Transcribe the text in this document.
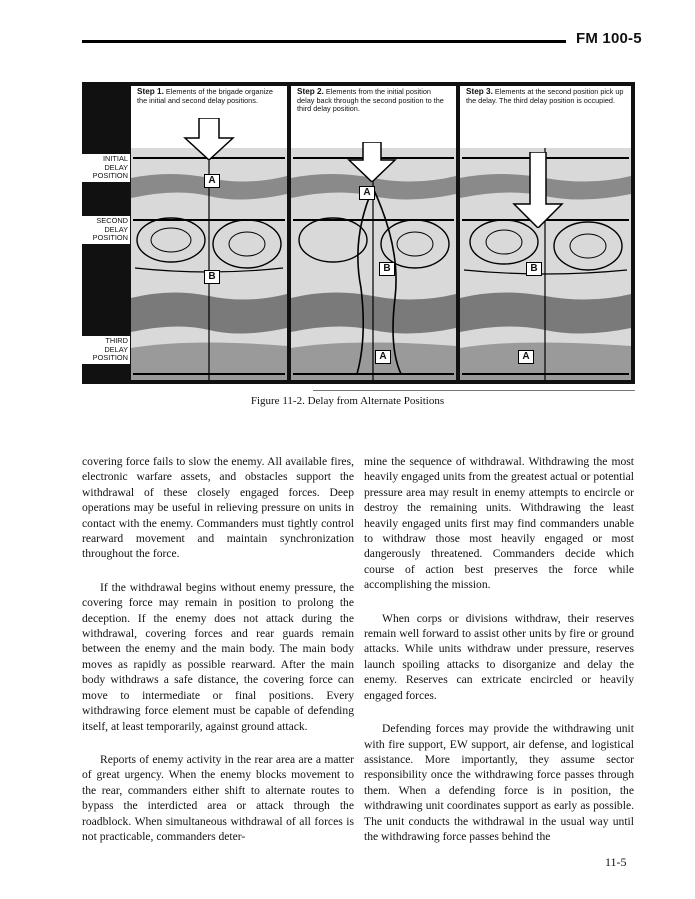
FM 100-5
INITIAL DELAY POSITION
SECOND DELAY POSITION
THIRD DELAY POSITION
Step 1. Elements of the brigade organize the initial and second delay positions.
A
B
Step 2. Elements from the initial position delay back through the second position to the third delay position.
A
B
A
Step 3. Elements at the second position pick up the delay. The third delay position is occupied.
B
A
Figure 11-2. Delay from Alternate Positions

covering force fails to slow the enemy. All available fires, electronic warfare assets, and obstacles support the withdrawal of these closely engaged forces. Deep operations may be useful in relieving pressure on units in contact with the enemy. Commanders must tightly control rearward movement and maintain synchronization throughout the force.

If the withdrawal begins without enemy pressure, the covering force may remain in position to prolong the deception. If the enemy does not attack during the withdrawal, covering forces and rear guards remain between the enemy and the main body. The main body moves as rapidly as possible rearward. After the main body withdraws a safe distance, the covering force can move to intermediate or final positions. Every withdrawing force element must be capable of defending itself, at least temporarily, against ground attack.

Reports of enemy activity in the rear area are a matter of great urgency. When the enemy blocks movement to the rear, commanders either shift to alternate routes to bypass the interdicted area or attack through the roadblock. When simultaneous withdrawal of all forces is not practicable, commanders deter-

mine the sequence of withdrawal. Withdrawing the most heavily engaged units from the greatest actual or potential pressure area may result in enemy attempts to encircle or destroy the remaining units. Withdrawing the least heavily engaged units first may find commanders unable to withdraw those most heavily engaged or most dangerously threatened. Commanders decide which course of action best preserves the force while accomplishing the mission.

When corps or divisions withdraw, their reserves remain well forward to assist other units by fire or ground attacks. While units withdraw under pressure, reserves launch spoiling attacks to disorganize and delay the enemy. Reserves can extricate encircled or heavily engaged forces.

Defending forces may provide the withdrawing unit with fire support, EW support, air defense, and logistical assistance. More importantly, they assume sector responsibility once the withdrawing force passes through them. When a defending force is in position, the withdrawing unit coordinates support as early as possible. The unit conducts the withdrawal in the usual way until the withdrawing force passes behind the

11-5
